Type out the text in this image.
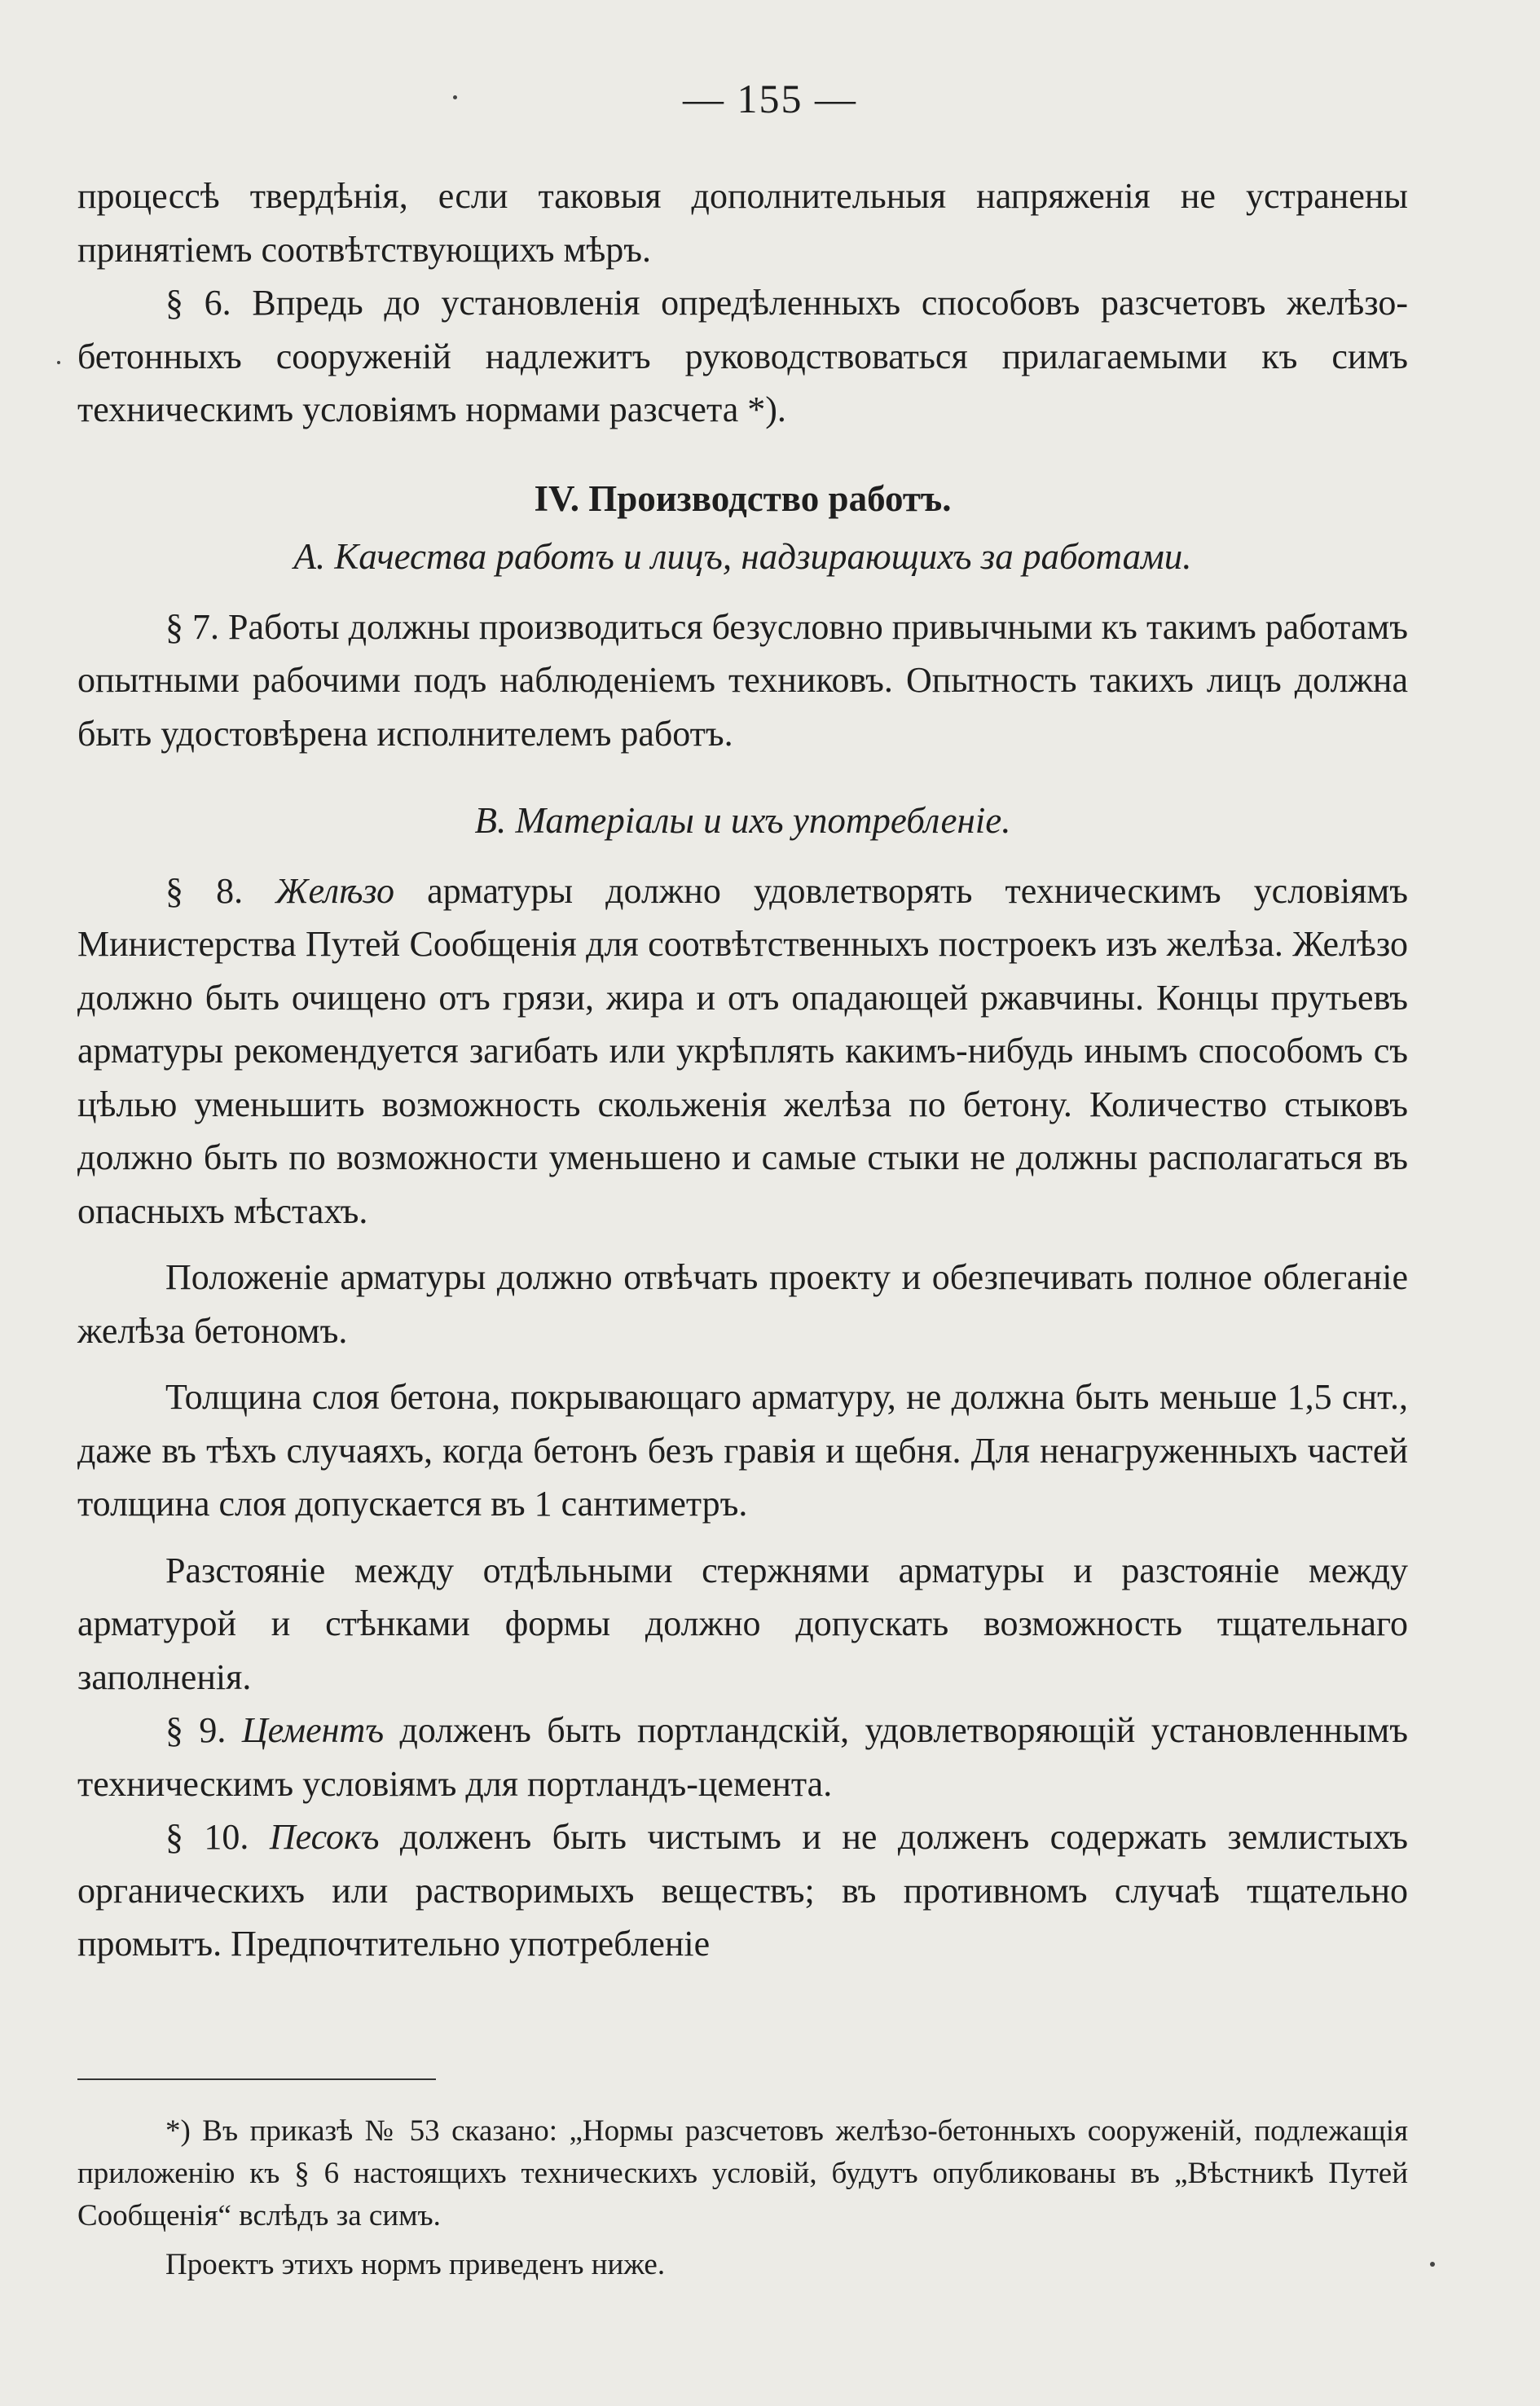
— 155 —

процессѣ твердѣнія, если таковыя дополнительныя напряженія не устранены принятіемъ соотвѣтствующихъ мѣръ.

§ 6. Впредь до установленія опредѣленныхъ способовъ разсчетовъ желѣзо-бетонныхъ сооруженій надлежитъ руководствоваться прилагаемыми къ симъ техническимъ условіямъ нормами разсчета *).

IV. Производство работъ.
А. Качества работъ и лицъ, надзирающихъ за работами.

§ 7. Работы должны производиться безусловно привычными къ такимъ работамъ опытными рабочими подъ наблюденіемъ техниковъ. Опытность такихъ лицъ должна быть удостовѣрена исполнителемъ работъ.

В. Матеріалы и ихъ употребленіе.

§ 8. Желѣзо арматуры должно удовлетворять техническимъ условіямъ Министерства Путей Сообщенія для соотвѣтственныхъ построекъ изъ желѣза. Желѣзо должно быть очищено отъ грязи, жира и отъ опадающей ржавчины. Концы прутьевъ арматуры рекомендуется загибать или укрѣплять какимъ-нибудь инымъ способомъ съ цѣлью уменьшить возможность скольженія желѣза по бетону. Количество стыковъ должно быть по возможности уменьшено и самые стыки не должны располагаться въ опасныхъ мѣстахъ.

Положеніе арматуры должно отвѣчать проекту и обезпечивать полное облеганіе желѣза бетономъ.

Толщина слоя бетона, покрывающаго арматуру, не должна быть меньше 1,5 снт., даже въ тѣхъ случаяхъ, когда бетонъ безъ гравія и щебня. Для ненагруженныхъ частей толщина слоя допускается въ 1 сантиметръ.

Разстояніе между отдѣльными стержнями арматуры и разстояніе между арматурой и стѣнками формы должно допускать возможность тщательнаго заполненія.

§ 9. Цементъ долженъ быть портландскій, удовлетворяющій установленнымъ техническимъ условіямъ для портландъ-цемента.

§ 10. Песокъ долженъ быть чистымъ и не долженъ содержать землистыхъ органическихъ или растворимыхъ веществъ; въ противномъ случаѣ тщательно промытъ. Предпочтительно употребленіе

*) Въ приказѣ № 53 сказано: „Нормы разсчетовъ желѣзо-бетонныхъ сооруженій, подлежащія приложенію къ § 6 настоящихъ техническихъ условій, будутъ опубликованы въ „Вѣстникѣ Путей Сообщенія“ вслѣдъ за симъ.

Проектъ этихъ нормъ приведенъ ниже.
